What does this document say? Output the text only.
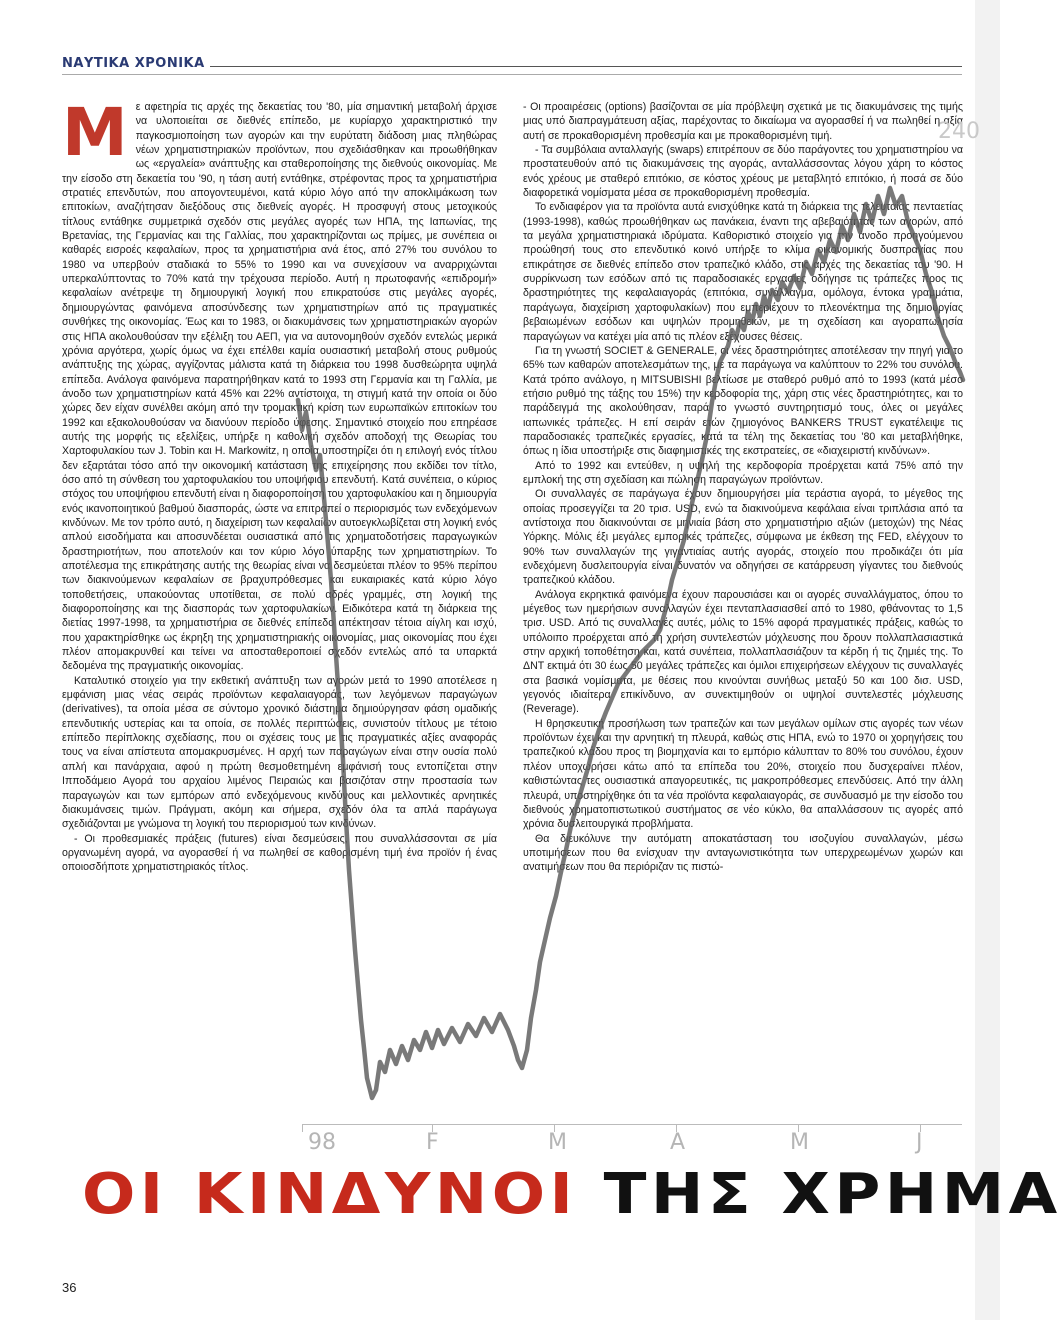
ΝΑΥΤΙΚΑ ΧΡΟΝΙΚΑ
Μ ε αφετηρία τις αρχές της δεκαετίας του '80, μία σημαντική μεταβολή άρχισε να υλοποιείται σε διεθνές επίπεδο, με κυρίαρχο χαρακτηριστικό την παγκοσμιοποίηση των αγορών και την ευρύτατη διάδοση μιας πληθώρας νέων χρηματιστηριακών προϊόντων, που σχεδιάσθηκαν και προωθήθηκαν ως «εργαλεία» ανάπτυξης και σταθεροποίησης της διεθνούς οικονομίας. Με την είσοδο στη δεκαετία του '90, η τάση αυτή εντάθηκε, στρέφοντας προς τα χρηματιστήρια στρατιές επενδυτών, που απογοντευμένοι, κατά κύριο λόγο από την αποκλιμάκωση των επιτοκίων, αναζήτησαν διεξόδους στις διεθνείς αγορές. Η προσφυγή στους μετοχικούς τίτλους εντάθηκε συμμετρικά σχεδόν στις μεγάλες αγορές των ΗΠΑ, της Ιαπωνίας, της Βρετανίας, της Γερμανίας και της Γαλλίας, που χαρακτηρίζονται ως πρίμες, με συνέπεια οι καθαρές εισροές κεφαλαίων, προς τα χρηματιστήρια ανά έτος, από 27% του συνόλου το 1980 να υπερβούν σταδιακά το 55% το 1990 και να συνεχίσουν να αναρριχώνται υπερκαλύπτοντας το 70% κατά την τρέχουσα περίοδο. Αυτή η πρωτοφανής «επιδρομή» κεφαλαίων ανέτρεψε τη δημιουργική λογική που επικρατούσε στις μεγάλες αγορές, δημιουργώντας φαινόμενα αποσύνδεσης των χρηματιστηρίων από τις πραγματικές συνθήκες της οικονομίας. Έως και το 1983, οι διακυμάνσεις των χρηματιστηριακών αγορών στις ΗΠΑ ακολουθούσαν την εξέλιξη του ΑΕΠ, για να αυτονομηθούν σχεδόν εντελώς μερικά χρόνια αργότερα, χωρίς όμως να έχει επέλθει καμία ουσιαστική μεταβολή στους ρυθμούς ανάπτυξης της χώρας, αγγίζοντας μάλιστα κατά τη διάρκεια του 1998 δυσθεώρητα υψηλά επίπεδα. Ανάλογα φαινόμενα παρατηρήθηκαν κατά το 1993 στη Γερμανία και τη Γαλλία, με άνοδο των χρηματιστηρίων κατά 45% και 22% αντίστοιχα, τη στιγμή κατά την οποία οι δύο χώρες δεν είχαν συνέλθει ακόμη από την τρομακτική κρίση των ευρωπαϊκών επιτοκίων του 1992 και εξακολουθούσαν να διανύουν περίοδο ύφεσης. Σημαντικό στοιχείο που επηρέασε αυτής της μορφής τις εξελίξεις, υπήρξε η καθολική σχεδόν αποδοχή της Θεωρίας του Χαρτοφυλακίου των J. Tobin και H. Markowitz, η οποία υποστηρίζει ότι η επιλογή ενός τίτλου δεν εξαρτάται τόσο από την οικονομική κατάσταση της επιχείρησης που εκδίδει τον τίτλο, όσο από τη σύνθεση του χαρτοφυλακίου του υποψήφιου επενδυτή. Κατά συνέπεια, ο κύριος στόχος του υποψήφιου επενδυτή είναι η διαφοροποίηση του χαρτοφυλακίου και η δημιουργία ενός ικανοποιητικού βαθμού διασποράς, ώστε να επιτραπεί ο περιορισμός των ενδεχόμενων κινδύνων. Με τον τρόπο αυτό, η διαχείριση των κεφαλαίων αυτοεγκλωβίζεται στη λογική ενός απλού εισοδήματα και αποσυνδέεται ουσιαστικά από τις χρηματοδοτήσεις παραγωγικών δραστηριοτήτων, που αποτελούν και τον κύριο λόγο ύπαρξης των χρηματιστηρίων. Το αποτέλεσμα της επικράτησης αυτής της θεωρίας είναι να δεσμεύεται πλέον το 95% περίπου των διακινούμενων κεφαλαίων σε βραχυπρόθεσμες και ευκαιριακές κατά κύριο λόγο τοποθετήσεις, υπακούοντας υποτίθεται, σε πολύ αδρές γραμμές, στη λογική της διαφοροποίησης και της διασποράς των χαρτοφυλακίων. Ειδικότερα κατά τη διάρκεια της διετίας 1997-1998, τα χρηματιστήρια σε διεθνές επίπεδο απέκτησαν τέτοια αίγλη και ισχύ, που χαρακτηρίσθηκε ως έκρηξη της χρηματιστηριακής οικονομίας, μιας οικονομίας που έχει πλέον απομακρυνθεί και τείνει να αποσταθεροποιεί σχεδόν εντελώς από τα υπαρκτά δεδομένα της πραγματικής οικονομίας.

Καταλυτικό στοιχείο για την εκθετική ανάπτυξη των αγορών μετά το 1990 αποτέλεσε η εμφάνιση μιας νέας σειράς προϊόντων κεφαλαιαγοράς, των λεγόμενων παραγώγων (derivatives), τα οποία μέσα σε σύντομο χρονικό διάστημα δημιούργησαν φάση ομαδικής επενδυτικής υστερίας και τα οποία, σε πολλές περιπτώσεις, συνιστούν τίτλους με τέτοιο επίπεδο περίπλοκης σχεδίασης, που οι σχέσεις τους με τις πραγματικές αξίες αναφοράς τους να είναι απίστευτα απομακρυσμένες. Η αρχή των παραγώγων είναι στην ουσία πολύ απλή και πανάρχαια, αφού η πρώτη θεσμοθετημένη εμφάνισή τους εντοπίζεται στην Ιπποδάμειο Αγορά του αρχαίου λιμένος Πειραιώς και βασιζόταν στην προστασία των παραγωγών και των εμπόρων από ενδεχόμενους κινδύνους και μελλοντικές αρνητικές διακυμάνσεις τιμών. Πράγματι, ακόμη και σήμερα, σχεδόν όλα τα απλά παράγωγα σχεδιάζονται με γνώμονα τη λογική του περιορισμού των κινδύνων.

- Οι προθεσμιακές πράξεις (futures) είναι δεσμεύσεις, που συναλλάσσονται σε μία οργανωμένη αγορά, να αγορασθεί ή να πωληθεί σε καθορισμένη τιμή ένα προϊόν ή ένας οποιοσδήποτε χρηματιστηριακός τίτλος.

- Οι προαιρέσεις (options) βασίζονται σε μία πρόβλεψη σχετικά με τις διακυμάνσεις της τιμής μιας υπό διαπραγμάτευση αξίας, παρέχοντας το δικαίωμα να αγορασθεί ή να πωληθεί η αξία αυτή σε προκαθορισμένη προθεσμία και με προκαθορισμένη τιμή.

- Τα συμβόλαια ανταλλαγής (swaps) επιτρέπουν σε δύο παράγοντες του χρηματιστηρίου να προστατευθούν από τις διακυμάνσεις της αγοράς, ανταλλάσσοντας λόγου χάρη το κόστος ενός χρέους με σταθερό επιτόκιο, σε κόστος χρέους με μεταβλητό επιτόκιο, ή ποσά σε δύο διαφορετικά νομίσματα μέσα σε προκαθορισμένη προθεσμία.

Το ενδιαφέρον για τα προϊόντα αυτά ενισχύθηκε κατά τη διάρκεια της τελευταίας πενταετίας (1993-1998), καθώς προωθήθηκαν ως πανάκεια, έναντι της αβεβαιότητας των αγορών, από τα μεγάλα χρηματιστηριακά ιδρύματα. Καθοριστικό στοιχείο για την άνοδο προηγούμενου προώθησή τους στο επενδυτικό κοινό υπήρξε το κλίμα οικονομικής δυσπραγίας που επικράτησε σε διεθνές επίπεδο στον τραπεζικό κλάδο, στις αρχές της δεκαετίας του '90. Η συρρίκνωση των εσόδων από τις παραδοσιακές εργασίες οδήγησε τις τράπεζες προς τις δραστηριότητες της κεφαλαιαγοράς (επιτόκια, συνάλλαγμα, ομόλογα, έντοκα γραμμάτια, παράγωγα, διαχείριση χαρτοφυλακίων) που εμπεριέχουν το πλεονέκτημα της δημιουργίας βεβαιωμένων εσόδων και υψηλών προμηθειών, με τη σχεδίαση και αγοραπωλησία παραγώγων να κατέχει μία από τις πλέον εξέχουσες θέσεις.

Για τη γνωστή SOCIET & GENERALE, οι νέες δραστηριότητες αποτέλεσαν την πηγή για το 65% των καθαρών αποτελεσμάτων της, με τα παράγωγα να καλύπτουν το 22% του συνόλου. Κατά τρόπο ανάλογο, η MITSUBISHI βελτίωσε με σταθερό ρυθμό από το 1993 (κατά μέσο ετήσιο ρυθμό της τάξης του 15%) την κερδοφορία της, χάρη στις νέες δραστηριότητες, και το παράδειγμά της ακολούθησαν, παρά το γνωστό συντηρητισμό τους, όλες οι μεγάλες ιαπωνικές τράπεζες. Η επί σειράν ετών ζημιογόνος BANKERS TRUST εγκατέλειψε τις παραδοσιακές τραπεζικές εργασίες, κατά τα τέλη της δεκαετίας του '80 και μεταβλήθηκε, όπως η ίδια υποστήριξε στις διαφημιστικές της εκστρατείες, σε «διαχειριστή κινδύνων».

Από το 1992 και εντεύθεν, η υψηλή της κερδοφορία προέρχεται κατά 75% από την εμπλοκή της στη σχεδίαση και πώληση παραγώγων προϊόντων.

Οι συναλλαγές σε παράγωγα έχουν δημιουργήσει μία τεράστια αγορά, το μέγεθος της οποίας προσεγγίζει τα 20 τρισ. USD, ενώ τα διακινούμενα κεφάλαια είναι τριπλάσια από τα αντίστοιχα που διακινούνται σε μηνιαία βάση στο χρηματιστήριο αξιών (μετοχών) της Νέας Υόρκης. Μόλις έξι μεγάλες εμπορικές τράπεζες, σύμφωνα με έκθεση της FED, ελέγχουν το 90% των συναλλαγών της γιγαντιαίας αυτής αγοράς, στοιχείο που προδικάζει ότι μία ενδεχόμενη δυσλειτουργία είναι δυνατόν να οδηγήσει σε κατάρρευση γίγαντες του διεθνούς τραπεζικού κλάδου.

Ανάλογα εκρηκτικά φαινόμενα έχουν παρουσιάσει και οι αγορές συναλλάγματος, όπου το μέγεθος των ημερήσιων συναλλαγών έχει πενταπλασιασθεί από το 1980, φθάνοντας το 1,5 τρισ. USD. Από τις συναλλαγές αυτές, μόλις το 15% αφορά πραγματικές πράξεις, καθώς το υπόλοιπο προέρχεται από τη χρήση συντελεστών μόχλευσης που δρουν πολλαπλασιαστικά στην αρχική τοποθέτηση και, κατά συνέπεια, πολλαπλασιάζουν τα κέρδη ή τις ζημιές της. Το ΔΝΤ εκτιμά ότι 30 έως 50 μεγάλες τράπεζες και όμιλοι επιχειρήσεων ελέγχουν τις συναλλαγές στα βασικά νομίσματα, με θέσεις που κινούνται συνήθως μεταξύ 50 και 100 δισ. USD, γεγονός ιδιαίτερα επικίνδυνο, αν συνεκτιμηθούν οι υψηλοί συντελεστές μόχλευσης (Reverage).

Η θρησκευτική προσήλωση των τραπεζών και των μεγάλων ομίλων στις αγορές των νέων προϊόντων έχει και την αρνητική τη πλευρά, καθώς στις ΗΠΑ, ενώ το 1970 οι χορηγήσεις του τραπεζικού κλάδου προς τη βιομηχανία και το εμπόριο κάλυπταν το 80% του συνόλου, έχουν πλέον υποχωρήσει κάτω από τα επίπεδα του 20%, στοιχείο που δυσχεραίνει πλέον, καθιστώντας τες ουσιαστικά απαγορευτικές, τις μακροπρόθεσμες επενδύσεις. Από την άλλη πλευρά, υποστηρίχθηκε ότι τα νέα προϊόντα κεφαλαιαγοράς, σε συνδυασμό με την είσοδο του διεθνούς χρηματοπιστωτικού συστήματος σε νέο κύκλο, θα απαλλάσσουν τις αγορές από χρόνια δυσλειτουργικά προβλήματα.

Θα διευκόλυνε την αυτόματη αποκατάσταση του ισοζυγίου συναλλαγών, μέσω υποτιμήσεων που θα ενίσχυαν την ανταγωνιστικότητα των υπερχρεωμένων χωρών και ανατιμήσεων που θα περιόριζαν τις πιστώ-

240
98	F	M	A	M	J
ΟΙ ΚΙΝΔΥΝΟΙ ΤΗΣ ΧΡΗΜΑ
36
